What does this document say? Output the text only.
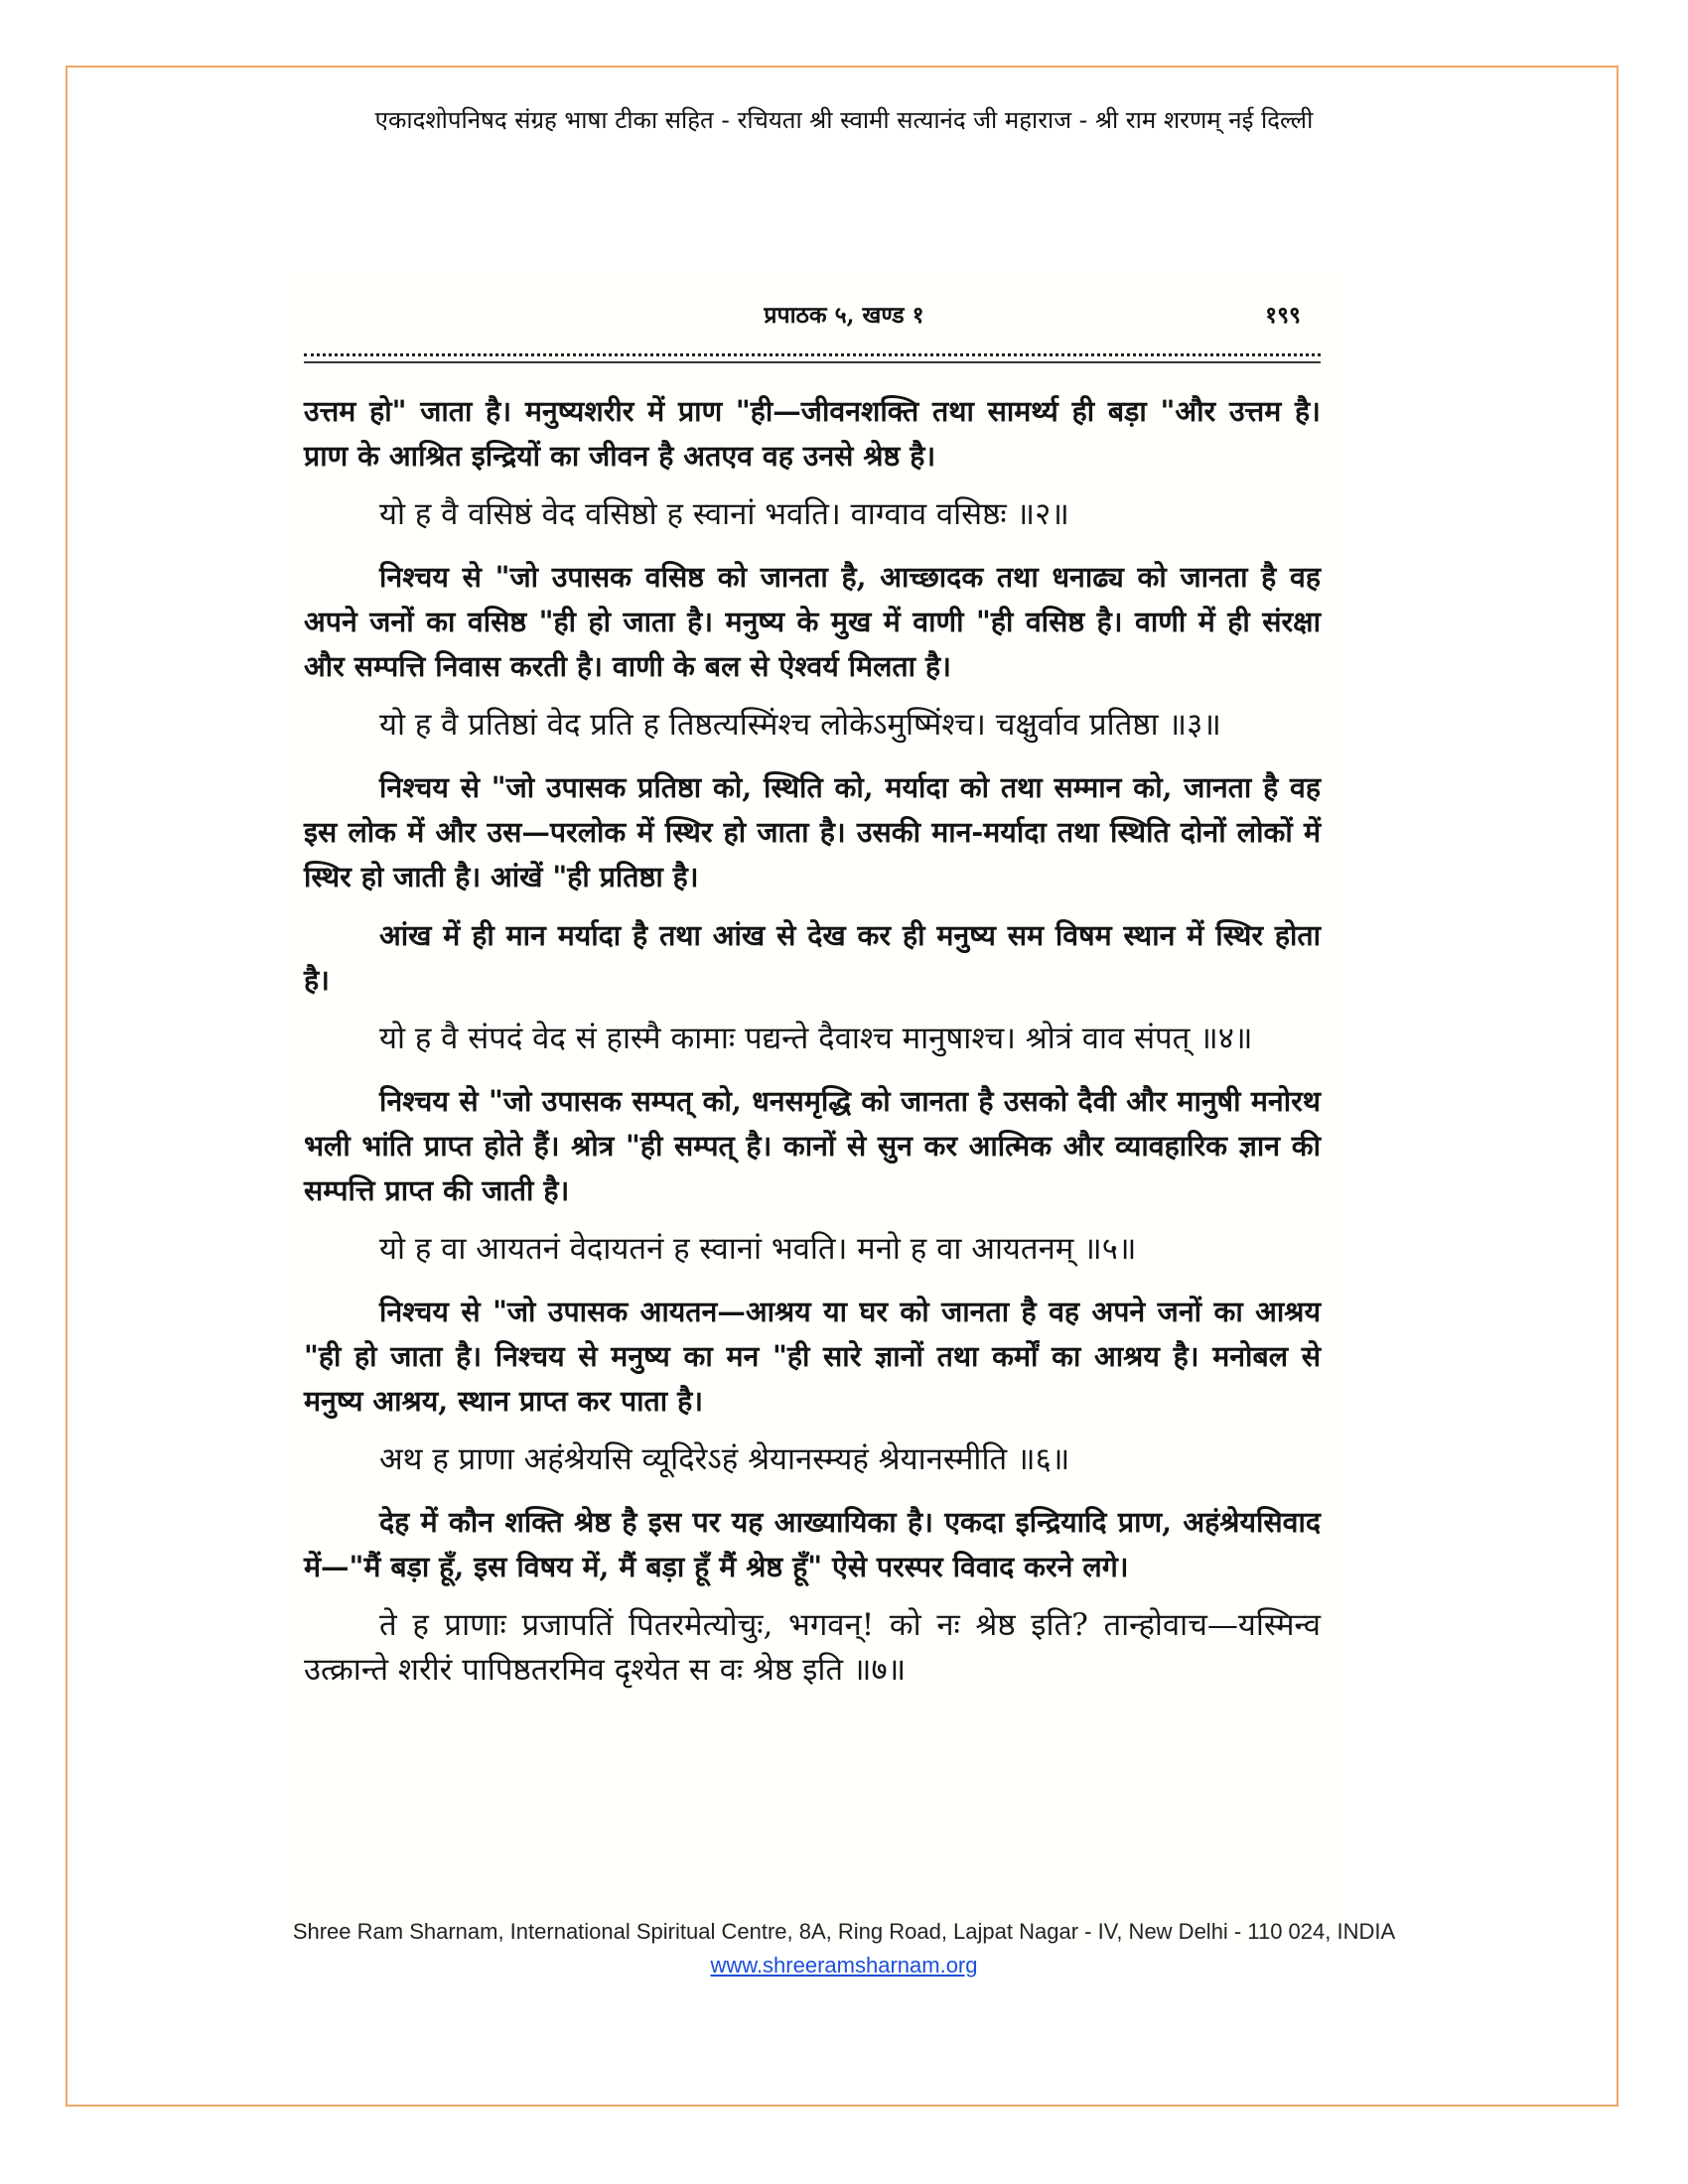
एकादशोपनिषद संग्रह भाषा टीका सहित - रचियता श्री स्वामी सत्यानंद जी महाराज - श्री राम शरणम् नई दिल्ली
प्रपाठक ५, खण्ड १	१९९

उत्तम हो" जाता है। मनुष्यशरीर में प्राण "ही—जीवनशक्ति तथा सामर्थ्य ही बड़ा "और उत्तम है। प्राण के आश्रित इन्द्रियों का जीवन है अतएव वह उनसे श्रेष्ठ है।

यो ह वै वसिष्ठं वेद वसिष्ठो ह स्वानां भवति। वाग्वाव वसिष्ठः ॥२॥

निश्चय से "जो उपासक वसिष्ठ को जानता है, आच्छादक तथा धनाढ्य को जानता है वह अपने जनों का वसिष्ठ "ही हो जाता है। मनुष्य के मुख में वाणी "ही वसिष्ठ है। वाणी में ही संरक्षा और सम्पत्ति निवास करती है। वाणी के बल से ऐश्वर्य मिलता है।

यो ह वै प्रतिष्ठां वेद प्रति ह तिष्ठत्यस्मिंश्च लोकेऽमुष्मिंश्च। चक्षुर्वाव प्रतिष्ठा ॥३॥

निश्चय से "जो उपासक प्रतिष्ठा को, स्थिति को, मर्यादा को तथा सम्मान को, जानता है वह इस लोक में और उस—परलोक में स्थिर हो जाता है। उसकी मान-मर्यादा तथा स्थिति दोनों लोकों में स्थिर हो जाती है। आंखें "ही प्रतिष्ठा है।

आंख में ही मान मर्यादा है तथा आंख से देख कर ही मनुष्य सम विषम स्थान में स्थिर होता है।

यो ह वै संपदं वेद सं हास्मै कामाः पद्यन्ते दैवाश्च मानुषाश्च। श्रोत्रं वाव संपत् ॥४॥

निश्चय से "जो उपासक सम्पत् को, धनसमृद्धि को जानता है उसको दैवी और मानुषी मनोरथ भली भांति प्राप्त होते हैं। श्रोत्र "ही सम्पत् है। कानों से सुन कर आत्मिक और व्यावहारिक ज्ञान की सम्पत्ति प्राप्त की जाती है।

यो ह वा आयतनं वेदायतनं ह स्वानां भवति। मनो ह वा आयतनम् ॥५॥

निश्चय से "जो उपासक आयतन—आश्रय या घर को जानता है वह अपने जनों का आश्रय "ही हो जाता है। निश्चय से मनुष्य का मन "ही सारे ज्ञानों तथा कर्मों का आश्रय है। मनोबल से मनुष्य आश्रय, स्थान प्राप्त कर पाता है।

अथ ह प्राणा अहंश्रेयसि व्यूदिरेऽहं श्रेयानस्म्यहं श्रेयानस्मीति ॥६॥

देह में कौन शक्ति श्रेष्ठ है इस पर यह आख्यायिका है। एकदा इन्द्रियादि प्राण, अहंश्रेयसिवाद में—"मैं बड़ा हूँ, इस विषय में, मैं बड़ा हूँ मैं श्रेष्ठ हूँ" ऐसे परस्पर विवाद करने लगे।

ते ह प्राणाः प्रजापतिं पितरमेत्योचुः, भगवन्! को नः श्रेष्ठ इति? तान्होवाच—यस्मिन्व उत्क्रान्ते शरीरं पापिष्ठतरमिव दृश्येत स वः श्रेष्ठ इति ॥७॥

Shree Ram Sharnam, International Spiritual Centre, 8A, Ring Road, Lajpat Nagar - IV, New Delhi - 110 024, INDIA
www.shreeramsharnam.org
